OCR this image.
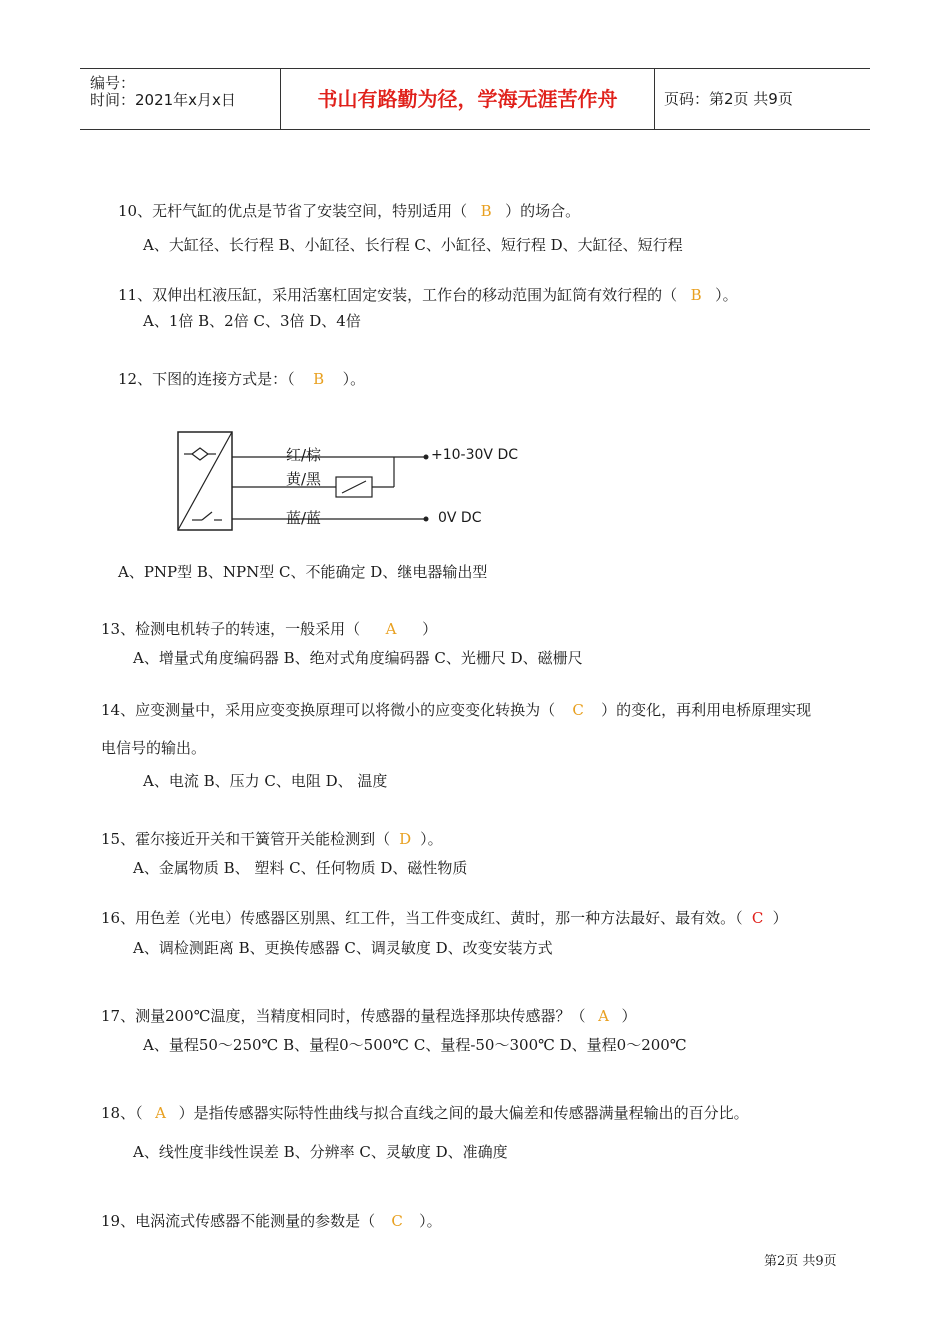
编号：
时间：2021年x月x日	书山有路勤为径，学海无涯苦作舟	页码：第2页 共9页
10、无杆气缸的优点是节省了安装空间，特别适用（ B ）的场合。
A、大缸径、长行程 B、小缸径、长行程 C、小缸径、短行程 D、大缸径、短行程
11、双伸出杠液压缸，采用活塞杠固定安装，工作台的移动范围为缸筒有效行程的（ B ）。
A、1倍 B、2倍 C、3倍 D、4倍
12、下图的连接方式是：（ B ）。
红/棕
黄/黑
蓝/蓝
+10-30V DC
0V DC
A、PNP型 B、NPN型 C、不能确定 D、继电器输出型
13、检测电机转子的转速，一般采用（ A ）
A、增量式角度编码器 B、绝对式角度编码器 C、光栅尺 D、磁栅尺
14、应变测量中，采用应变变换原理可以将微小的应变变化转换为（ C ）的变化，再利用电桥原理实现
电信号的输出。
A、电流 B、压力 C、电阻 D、 温度
15、霍尔接近开关和干簧管开关能检测到（ D ）。
A、金属物质 B、 塑料 C、任何物质 D、磁性物质
16、用色差（光电）传感器区别黑、红工件，当工件变成红、黄时，那一种方法最好、最有效。（ C ）
A、调检测距离 B、更换传感器 C、调灵敏度 D、改变安装方式
17、测量200℃温度，当精度相同时，传感器的量程选择那块传感器？（ A ）
A、量程50～250℃ B、量程0～500℃ C、量程-50～300℃ D、量程0～200℃
18、（ A ）是指传感器实际特性曲线与拟合直线之间的最大偏差和传感器满量程输出的百分比。
A、线性度非线性误差 B、分辨率 C、灵敏度 D、准确度
19、电涡流式传感器不能测量的参数是（ C ）。
第2页 共9页
